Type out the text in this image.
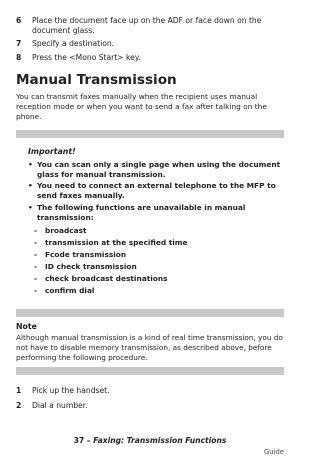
6	Place the document face up on the ADF or face down on the document glass.
7	Specify a destination.
8	Press the <Mono Start> key.
Manual Transmission
You can transmit faxes manually when the recipient uses manual reception mode or when you want to send a fax after talking on the phone.
Important!
• You can scan only a single page when using the document glass for manual transmission.
• You need to connect an external telephone to the MFP to send faxes manually.
• The following functions are unavailable in manual transmission:
-	broadcast
-	transmission at the specified time
-	Fcode transmission
-	ID check transmission
-	check broadcast destinations
-	confirm dial
Note
Although manual transmission is a kind of real time transmission, you do not have to disable memory transmission, as described above, before performing the following procedure.
1	Pick up the handset.
2	Dial a number.
37 – Faxing: Transmission Functions
Guide
